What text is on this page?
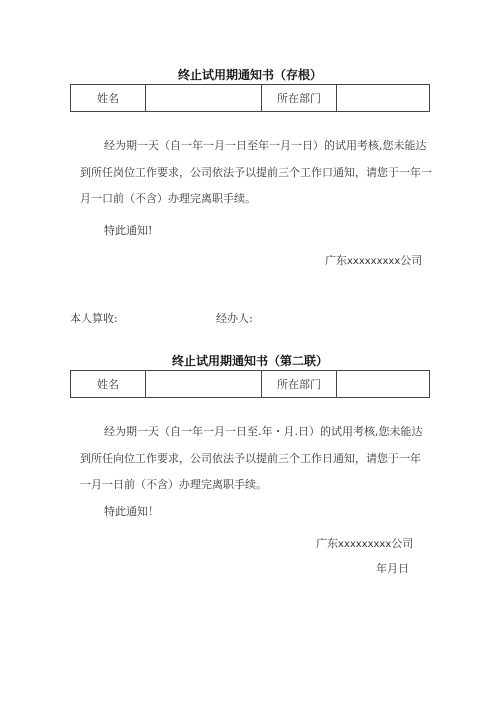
终止试用期通知书（存根）
姓名		所在部门	
经为期一天（自一年一月一日至年一月一日）的试用考核,您未能达
到所任岗位工作要求，公司依法予以提前三个工作口通知，请您于一年一
月一口前（不含）办理完离职手续。
特此通知!
广东xxxxxxxxx公司
本人算收:	经办人:
终止试用期通知书（第二联）
姓名		所在部门	
经为期一天（自一年一月一日至.年・月.日）的试用考核,您未能达
到所任向位工作要求，公司依法予以提前三个工作日通知，请您于一年
一月一日前（不含）办理完离职手续。
特此通知！
广东xxxxxxxxx公司
年月日
